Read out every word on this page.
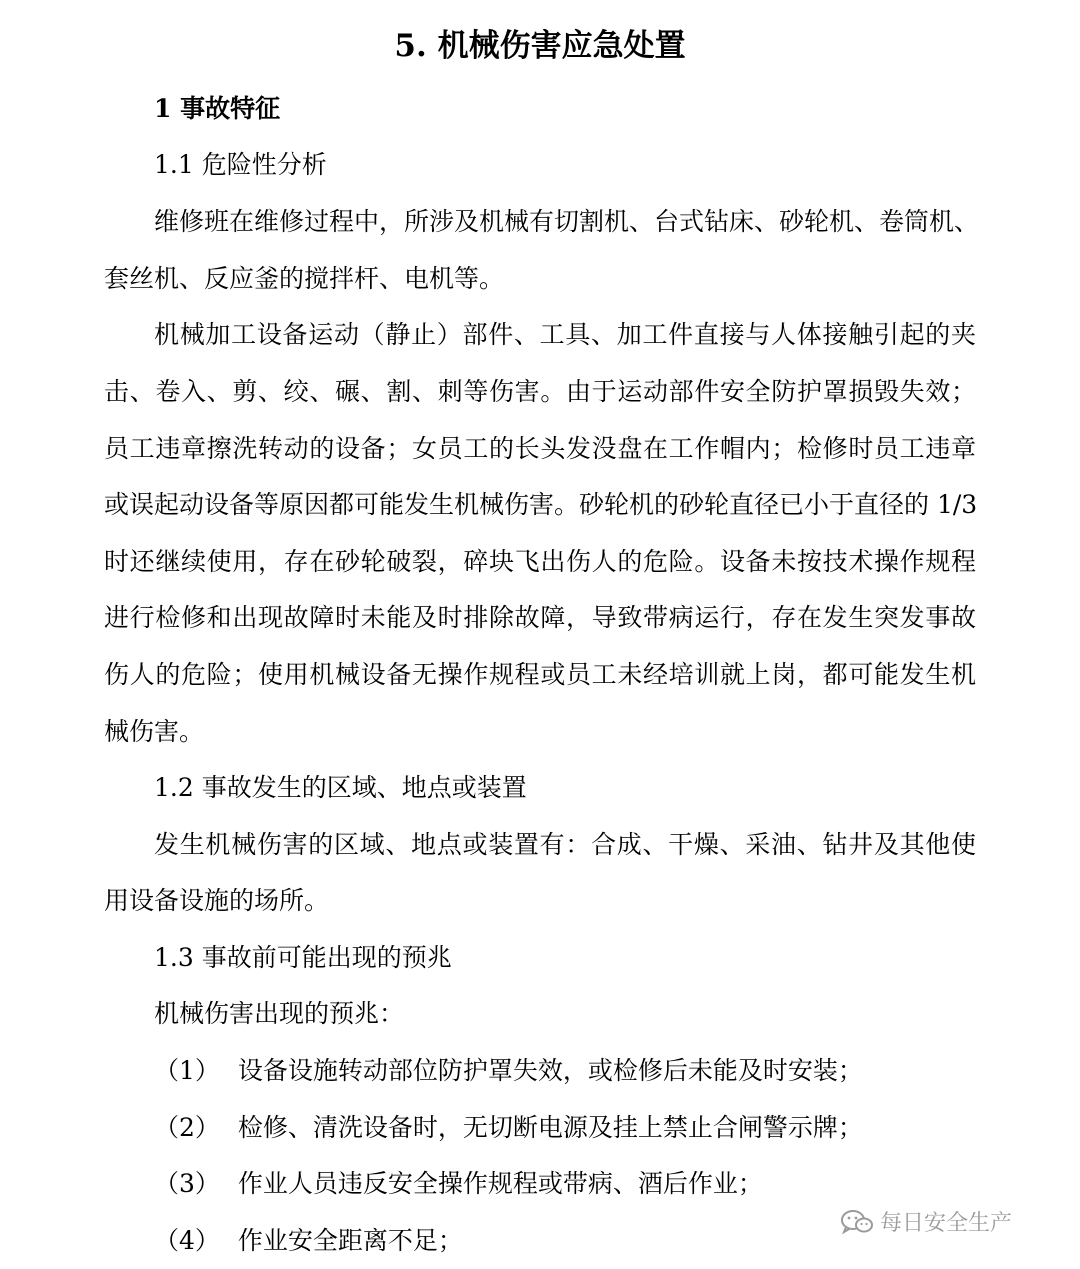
5. 机械伤害应急处置
1 事故特征
1.1 危险性分析
维修班在维修过程中，所涉及机械有切割机、台式钻床、砂轮机、卷筒机、
套丝机、反应釜的搅拌杆、电机等。
机械加工设备运动（静止）部件、工具、加工件直接与人体接触引起的夹
击、卷入、剪、绞、碾、割、刺等伤害。由于运动部件安全防护罩损毁失效；
员工违章擦洗转动的设备；女员工的长头发没盘在工作帽内；检修时员工违章
或误起动设备等原因都可能发生机械伤害。砂轮机的砂轮直径已小于直径的 1/3
时还继续使用，存在砂轮破裂，碎块飞出伤人的危险。设备未按技术操作规程
进行检修和出现故障时未能及时排除故障，导致带病运行，存在发生突发事故
伤人的危险；使用机械设备无操作规程或员工未经培训就上岗，都可能发生机
械伤害。
1.2 事故发生的区域、地点或装置
发生机械伤害的区域、地点或装置有：合成、干燥、采油、钻井及其他使
用设备设施的场所。
1.3 事故前可能出现的预兆
机械伤害出现的预兆：
（1） 设备设施转动部位防护罩失效，或检修后未能及时安装；
（2） 检修、清洗设备时，无切断电源及挂上禁止合闸警示牌；
（3） 作业人员违反安全操作规程或带病、酒后作业；
（4） 作业安全距离不足；
每日安全生产
